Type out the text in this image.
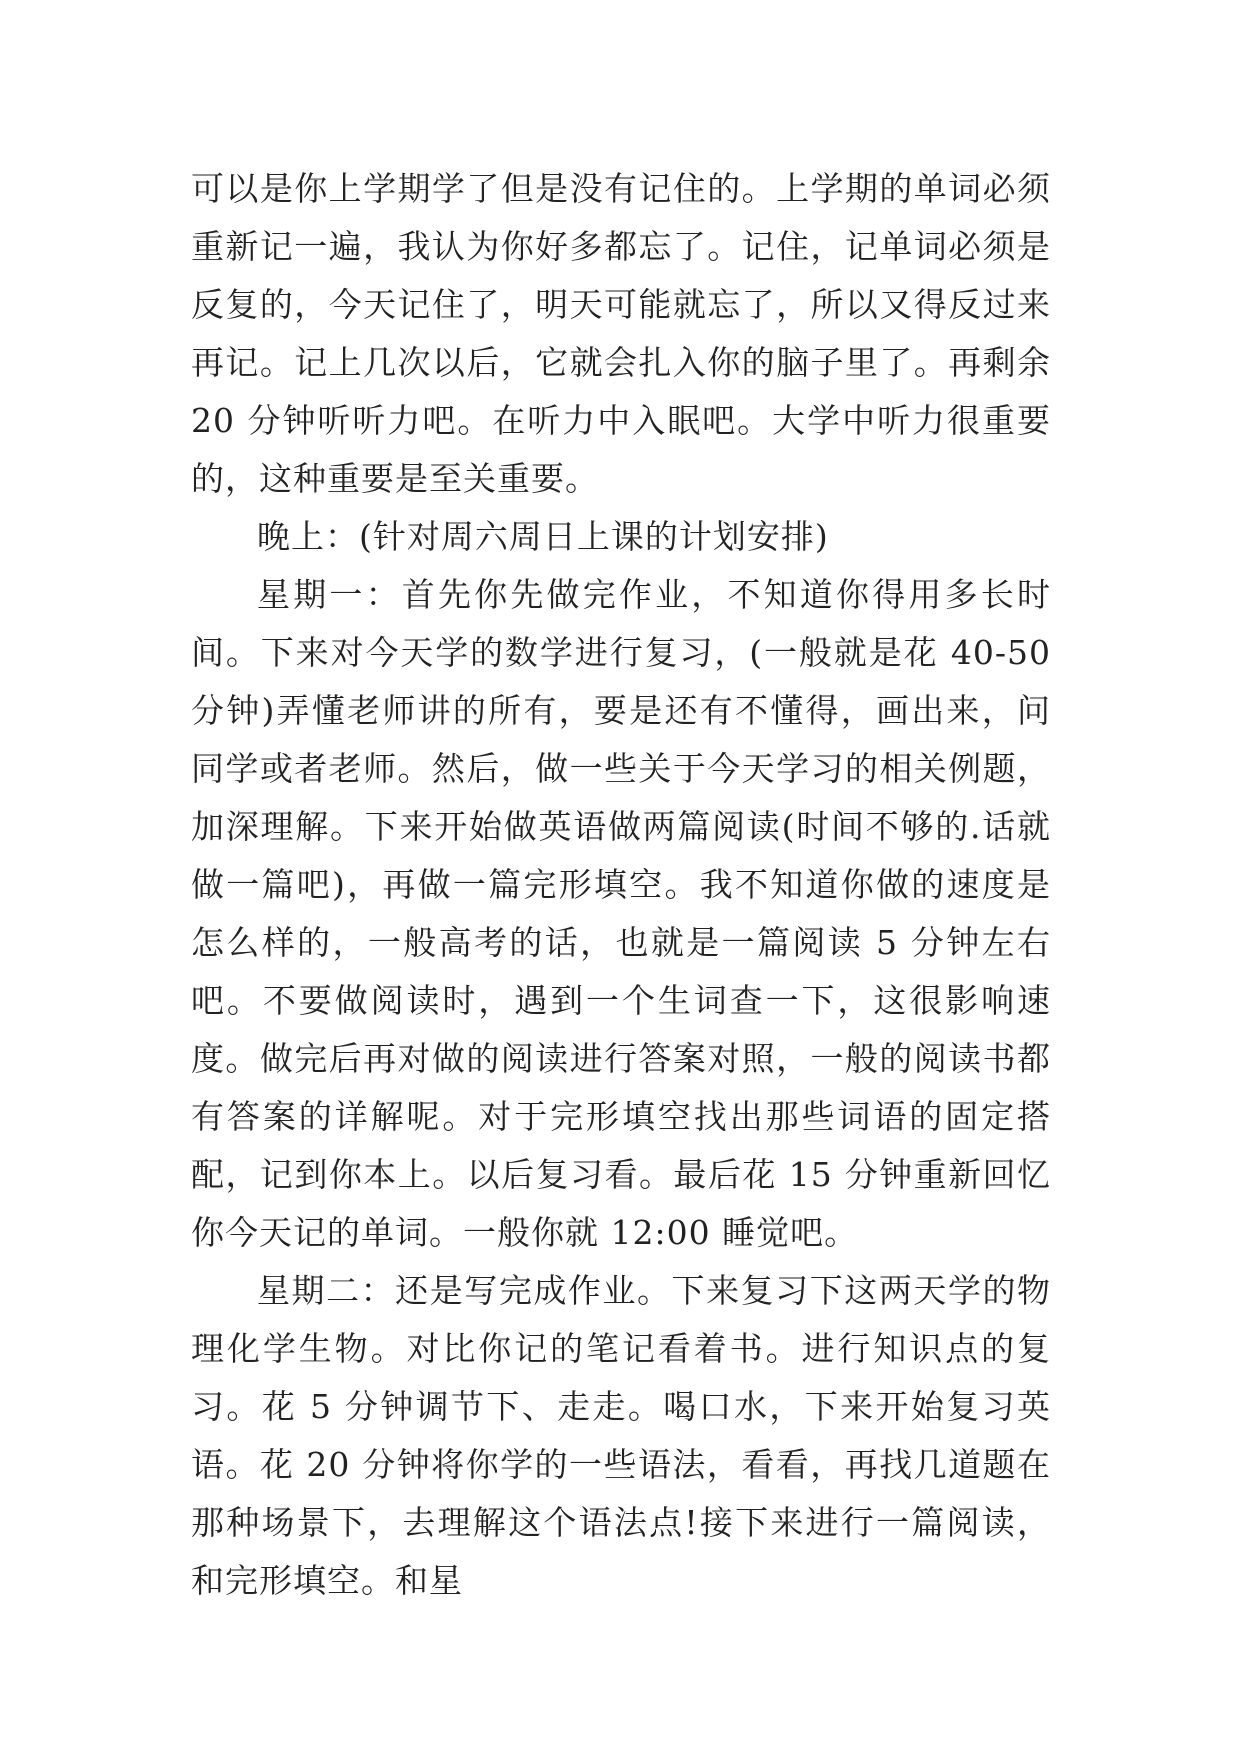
可以是你上学期学了但是没有记住的。上学期的单词必须重新记一遍，我认为你好多都忘了。记住，记单词必须是反复的，今天记住了，明天可能就忘了，所以又得反过来再记。记上几次以后，它就会扎入你的脑子里了。再剩余 20 分钟听听力吧。在听力中入眠吧。大学中听力很重要的，这种重要是至关重要。

晚上：(针对周六周日上课的计划安排)

星期一：首先你先做完作业，不知道你得用多长时间。下来对今天学的数学进行复习，(一般就是花 40-50 分钟)弄懂老师讲的所有，要是还有不懂得，画出来，问同学或者老师。然后，做一些关于今天学习的相关例题，加深理解。下来开始做英语做两篇阅读(时间不够的.话就做一篇吧)，再做一篇完形填空。我不知道你做的速度是怎么样的，一般高考的话，也就是一篇阅读 5 分钟左右吧。不要做阅读时，遇到一个生词查一下，这很影响速度。做完后再对做的阅读进行答案对照，一般的阅读书都有答案的详解呢。对于完形填空找出那些词语的固定搭配，记到你本上。以后复习看。最后花 15 分钟重新回忆你今天记的单词。一般你就 12:00 睡觉吧。

星期二：还是写完成作业。下来复习下这两天学的物理化学生物。对比你记的笔记看着书。进行知识点的复习。花 5 分钟调节下、走走。喝口水，下来开始复习英语。花 20 分钟将你学的一些语法，看看，再找几道题在那种场景下，去理解这个语法点!接下来进行一篇阅读，和完形填空。和星
